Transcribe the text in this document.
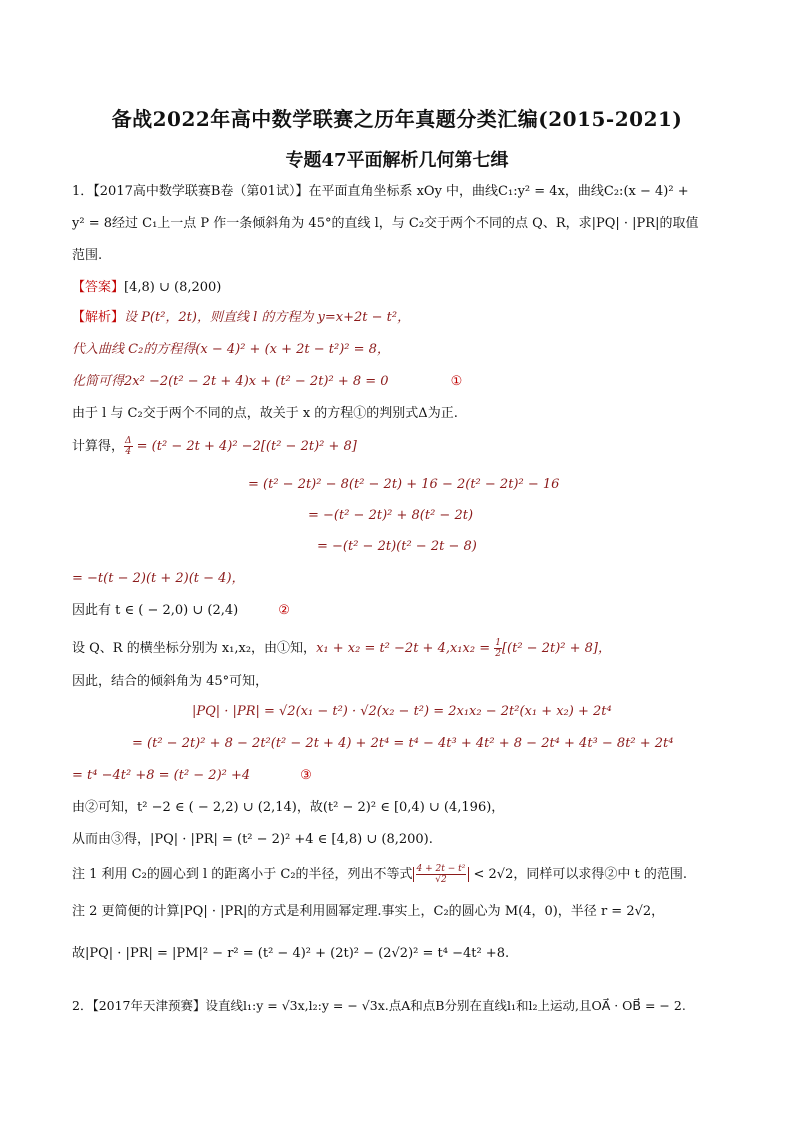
备战2022年高中数学联赛之历年真题分类汇编(2015-2021)
专题47平面解析几何第七缉
1．【2017高中数学联赛B卷（第01试）】在平面直角坐标系 xOy 中，曲线C₁:y² = 4x，曲线C₂:(x − 4)² +
y² = 8经过 C₁上一点 P 作一条倾斜角为 45°的直线 l，与 C₂交于两个不同的点 Q、R，求|PQ| · |PR|的取值
范围.
【答案】[4,8) ∪ (8,200)
【解析】设 P(t²，2t)，则直线 l 的方程为 y=x+2t − t²，
代入曲线 C₂的方程得(x − 4)² + (x + 2t − t²)² = 8，
化简可得2x² −2(t² − 2t + 4)x + (t² − 2t)² + 8 = 0	①
由于 l 与 C₂交于两个不同的点，故关于 x 的方程①的判别式Δ为正.
计算得， $\frac{\Delta}{4} = (t^2 - 2t + 4)^2 -2[(t^2 - 2t)^2 + 8]$
= (t² − 2t)² − 8(t² − 2t) + 16 − 2(t² − 2t)² − 16
= −(t² − 2t)² + 8(t² − 2t)
= −(t² − 2t)(t² − 2t − 8)
= −t(t − 2)(t + 2)(t − 4)，
因此有 t ∈ ( − 2,0) ∪ (2,4)	②
设 Q、R 的横坐标分别为 x₁,x₂，由①知，$x_1 + x_2 = t^2 -2t + 4,x_1x_2 = \frac{1}{2} [(t^2 - 2t)^2 + 8]$，
因此，结合的倾斜角为 45°可知，
|PQ| · |PR| = √2(x₁ − t²) · √2(x₂ − t²) = 2x₁x₂ − 2t²(x₁ + x₂) + 2t⁴
= (t² − 2t)² + 8 − 2t²(t² − 2t + 4) + 2t⁴ = t⁴ − 4t³ + 4t² + 8 − 2t⁴ + 4t³ − 8t² + 2t⁴
= t⁴ −4t² +8 = (t² − 2)² +4	③
由②可知，t² −2 ∈ ( − 2,2) ∪ (2,14)，故(t² − 2)² ∈ [0,4) ∪ (4,196)，
从而由③得，|PQ| · |PR| = (t² − 2)² +4 ∈ [4,8) ∪ (8,200).
注 1 利用 C₂的圆心到 l 的距离小于 C₂的半径，列出不等式 $\frac{\text{4 + 2t − t²}}{√2} < 2√2$，同样可以求得②中 t 的范围.
注 2 更简便的计算|PQ| · |PR|的方式是利用圆幂定理.事实上，C₂的圆心为 M(4，0)，半径 r = 2√2，
故|PQ| · |PR| = |PM|² − r² = (t² − 4)² + (2t)² − (2√2)² = t⁴ −4t² +8.
2．【2017年天津预赛】设直线l₁:y = √3x,l₂:y = − √3x.点A和点B分别在直线l₁和l₂上运动,且OA⃗ · OB⃗ = − 2.
